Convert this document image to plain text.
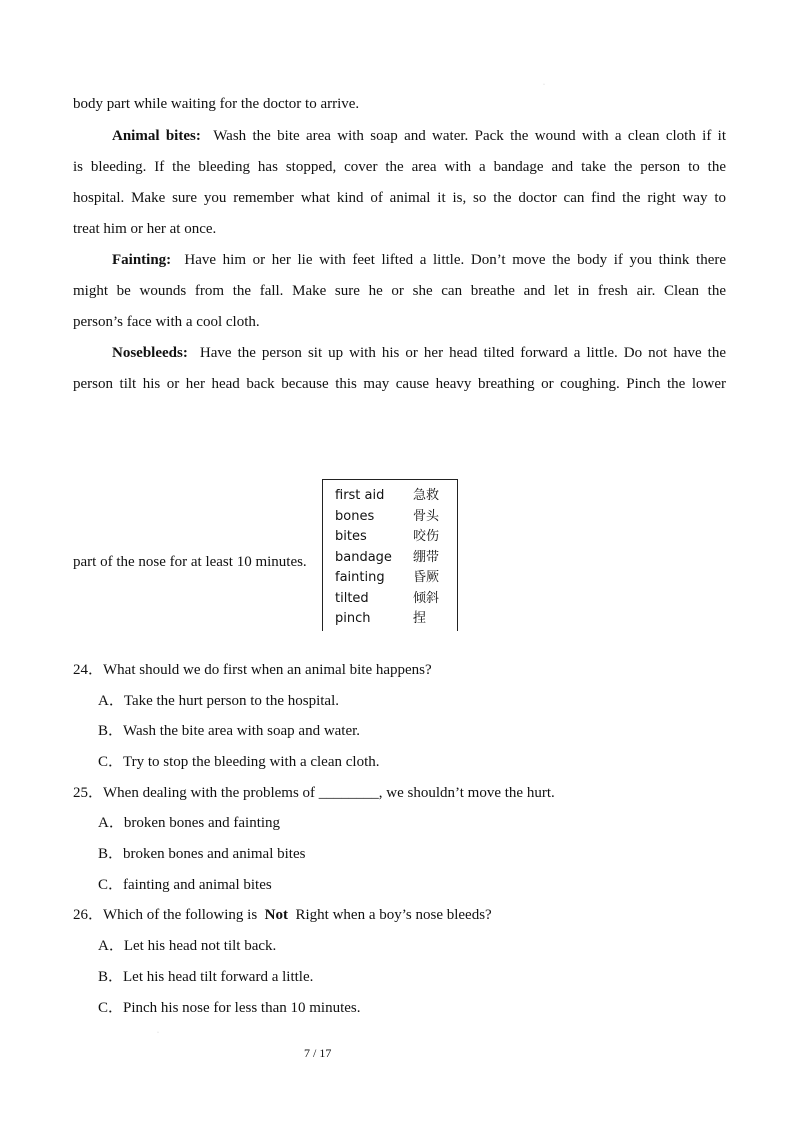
·
body part while waiting for the doctor to arrive.
Animal bites: Wash the bite area with soap and water. Pack the wound with a clean cloth if it
is bleeding. If the bleeding has stopped, cover the area with a bandage and take the person to the
hospital. Make sure you remember what kind of animal it is, so the doctor can find the right way to
treat him or her at once.
Fainting: Have him or her lie with feet lifted a little. Don’t move the body if you think there
might be wounds from the fall. Make sure he or she can breathe and let in fresh air. Clean the
person’s face with a cool cloth.
Nosebleeds: Have the person sit up with his or her head tilted forward a little. Do not have the
person tilt his or her head back because this may cause heavy breathing or coughing. Pinch the lower
part of the nose for at least 10 minutes.
first aid 急救
bones	骨头
bites	咬伤
bandage 绷带
fainting 昏厥
tilted	倾斜
pinch	捏
24．What should we do first when an animal bite happens?
A．Take the hurt person to the hospital.
B．Wash the bite area with soap and water.
C．Try to stop the bleeding with a clean cloth.
25．When dealing with the problems of ________, we shouldn’t move the hurt.
A．broken bones and fainting
B．broken bones and animal bites
C．fainting and animal bites
26．Which of the following is Not Right when a boy’s nose bleeds?
A．Let his head not tilt back.
B．Let his head tilt forward a little.
C．Pinch his nose for less than 10 minutes.
·
7 / 17
